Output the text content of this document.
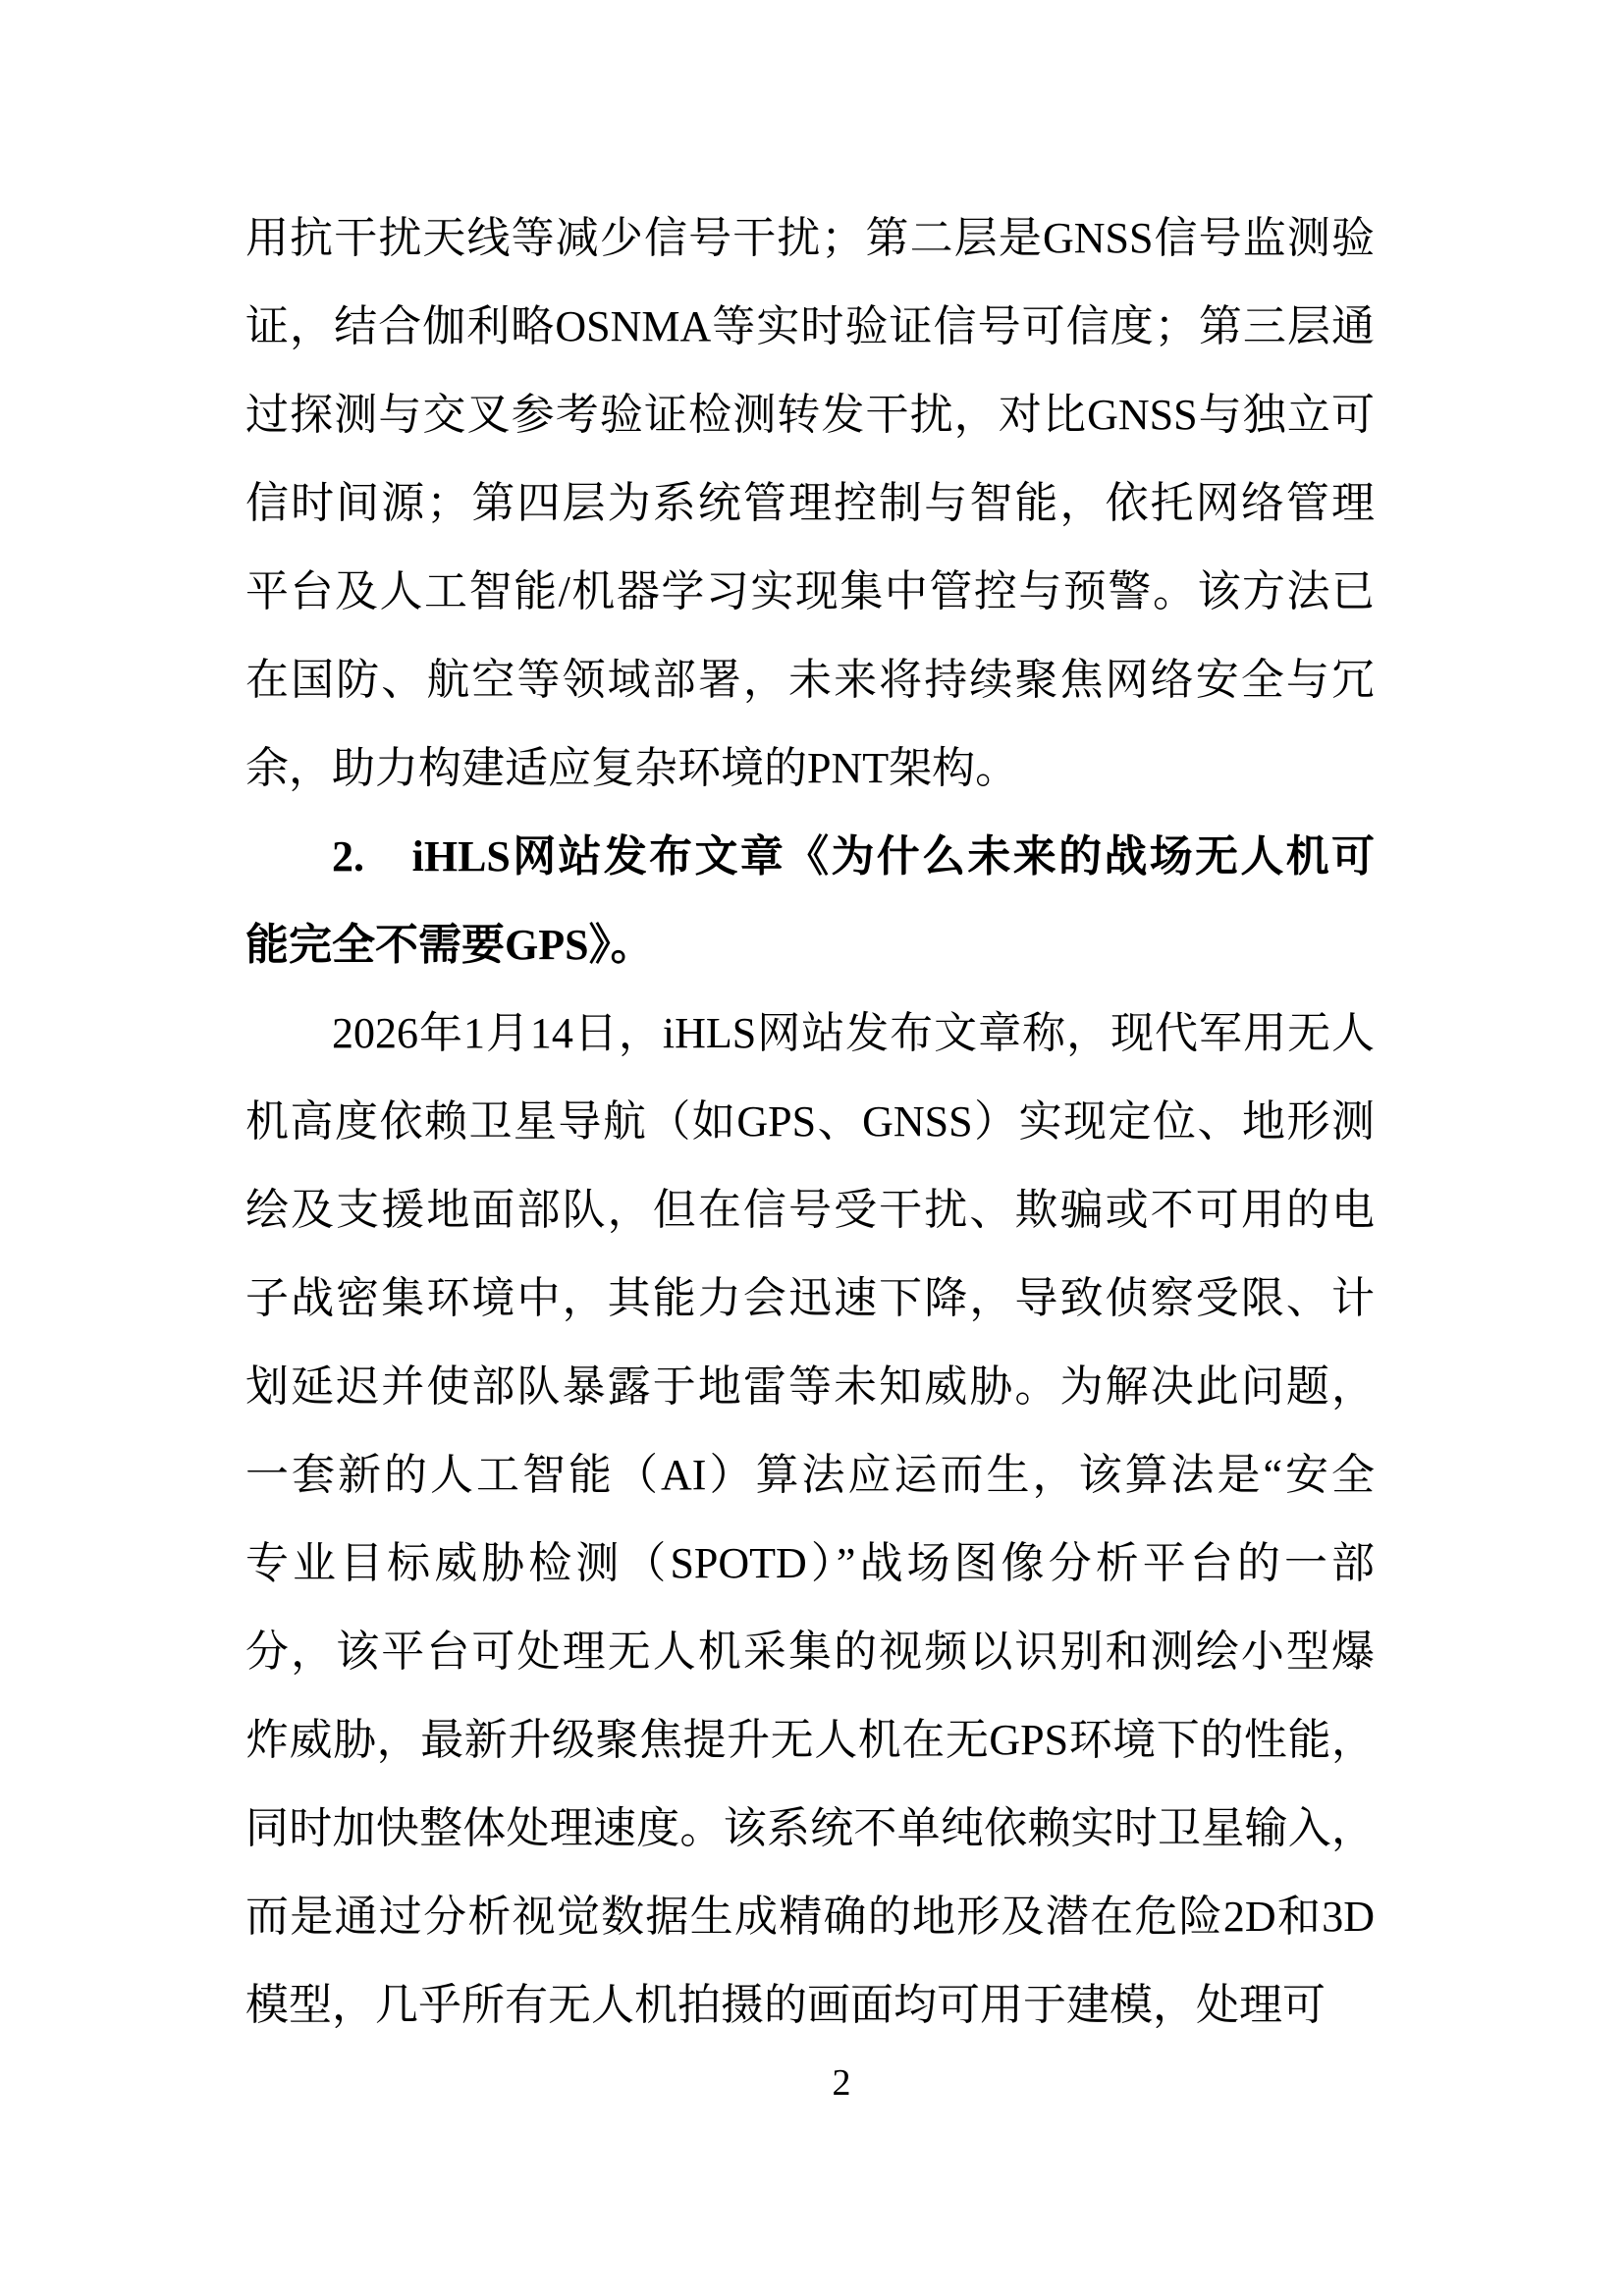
用抗干扰天线等减少信号干扰；第二层是GNSS信号监测验
证，结合伽利略OSNMA等实时验证信号可信度；第三层通
过探测与交叉参考验证检测转发干扰，对比GNSS与独立可
信时间源；第四层为系统管理控制与智能，依托网络管理
平台及人工智能/机器学习实现集中管控与预警。该方法已
在国防、航空等领域部署，未来将持续聚焦网络安全与冗
余，助力构建适应复杂环境的PNT架构。
2.　iHLS网站发布文章《为什么未来的战场无人机可
能完全不需要GPS》。
2026年1月14日，iHLS网站发布文章称，现代军用无人
机高度依赖卫星导航（如GPS、GNSS）实现定位、地形测
绘及支援地面部队，但在信号受干扰、欺骗或不可用的电
子战密集环境中，其能力会迅速下降，导致侦察受限、计
划延迟并使部队暴露于地雷等未知威胁。为解决此问题，
一套新的人工智能（AI）算法应运而生，该算法是“安全
专业目标威胁检测（SPOTD）”战场图像分析平台的一部
分，该平台可处理无人机采集的视频以识别和测绘小型爆
炸威胁，最新升级聚焦提升无人机在无GPS环境下的性能，
同时加快整体处理速度。该系统不单纯依赖实时卫星输入，
而是通过分析视觉数据生成精确的地形及潜在危险2D和3D
模型，几乎所有无人机拍摄的画面均可用于建模，处理可
2
